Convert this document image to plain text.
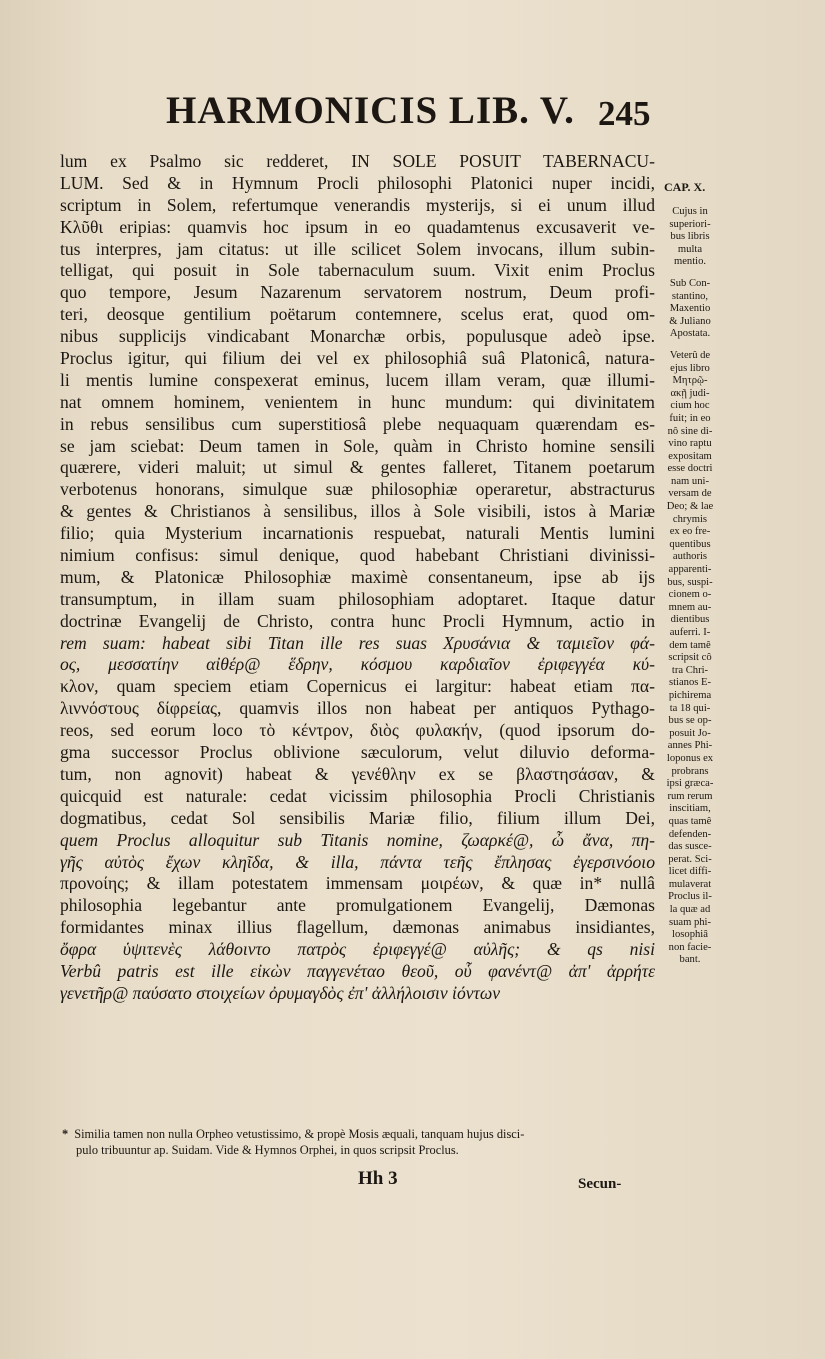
HARMONICIS LIB. V. 245
CAP. X.
lum ex Psalmo sic redderet, IN SOLE POSUIT TABERNACU-
LUM. Sed & in Hymnum Procli philosophi Platonici nuper incidi,
scriptum in Solem, refertumque venerandis mysterijs, si ei unum illud
Κλῦθι eripias: quamvis hoc ipsum in eo quadamtenus excusaverit ve-
tus interpres, jam citatus: ut ille scilicet Solem invocans, illum subin-
telligat, qui posuit in Sole tabernaculum suum. Vixit enim Proclus
quo tempore, Jesum Nazarenum servatorem nostrum, Deum profi-
teri, deosque gentilium poëtarum contemnere, scelus erat, quod om-
nibus supplicijs vindicabant Monarchæ orbis, populusque adeò ipse.
Proclus igitur, qui filium dei vel ex philosophiâ suâ Platonicâ, natura-
li mentis lumine conspexerat eminus, lucem illam veram, quæ illumi-
nat omnem hominem, venientem in hunc mundum: qui divinitatem
in rebus sensilibus cum superstitiosâ plebe nequaquam quærendam es-
se jam sciebat: Deum tamen in Sole, quàm in Christo homine sensili
quærere, videri maluit; ut simul & gentes falleret, Titanem poetarum
verbotenus honorans, simulque suæ philosophiæ operaretur, abstracturus
& gentes & Christianos à sensilibus, illos à Sole visibili, istos à Mariæ
filio; quia Mysterium incarnationis respuebat, naturali Mentis lumini
nimium confisus: simul denique, quod habebant Christiani divinissi-
mum, & Platonicæ Philosophiæ maximè consentaneum, ipse ab ijs
transumptum, in illam suam philosophiam adoptaret. Itaque datur
doctrinæ Evangelij de Christo, contra hunc Procli Hymnum, actio in
rem suam: habeat sibi Titan ille res suas Χρυσάνια & ταμιεῖον φά-
ος, μεσσατίην αἰθέρ@ ἕδρην, κόσμου καρδιαῖον ἐριφεγγέα κύ-
κλον, quam speciem etiam Copernicus ei largitur: habeat etiam πα-
λιννόστους δίφρείας, quamvis illos non habeat per antiquos Pythago-
reos, sed eorum loco τὸ κέντρον, διὸς φυλακήν, (quod ipsorum do-
gma successor Proclus oblivione sæculorum, velut diluvio deforma-
tum, non agnovit) habeat & γενέθλην ex se βλαστησάσαν, &
quicquid est naturale: cedat vicissim philosophia Procli Christianis
dogmatibus, cedat Sol sensibilis Mariæ filio, filium illum Dei,
quem Proclus alloquitur sub Titanis nomine, ζωαρκέ@, ὦ ἄνα, πη-
γῆς αὐτὸς ἔχων κληῖδα, & illa, πάντα τεῆς ἔπλησας ἐγερσινόοιο
προνοίης; & illam potestatem immensam μοιρέων, & quæ in* nullâ
philosophia legebantur ante promulgationem Evangelij, Dæmonas
formidantes minax illius flagellum, dæmonas animabus insidiantes,
ὄφρα ὑψιτενὲς λάθοιντο πατρὸς ἐριφεγγέ@ αὐλῆς; & qs nisi
Verbû patris est ille εἰκὼν παγγενέταο θεοῦ, οὗ φανέντ@ ἀπ' ἀρρήτε
γενετῆρ@ παύσατο στοιχείων ὀρυμαγδὸς ἐπ' ἀλλήλοισιν ἰόντων
Cujus in
superiori-
bus libris
multa
mentio.
Sub Con-
stantino,
Maxentio
& Juliano
Apostata.
Veterû de
ejus libro
Μητρῷ-
ακῇ judi-
cium hoc
fuit; in eo
nô sine di-
vino raptu
expositam
esse doctri
nam uni-
versam de
Deo; & lae
chrymis
ex eo fre-
quentibus
authoris
apparenti-
bus, suspi-
cionem o-
mnem au-
dientibus
auferri. I-
dem tamê
scripsit cô
tra Chri-
stianos E-
pichirema
ta 18 qui-
bus se op-
posuit Jo-
annes Phi-
loponus ex
probrans
ipsi græca-
rum rerum
inscitiam,
quas tamê
defenden-
das susce-
perat. Sci-
licet diffi-
mulaverat
Proclus il-
la quæ ad
suam phi-
losophiâ
non facie-
bant.
* Similia tamen non nulla Orpheo vetustissimo, & propè Mosis æquali, tanquam hujus disci-
pulo tribuuntur ap. Suidam. Vide & Hymnos Orphei, in quos scripsit Proclus.
Hh 3	Secun-
